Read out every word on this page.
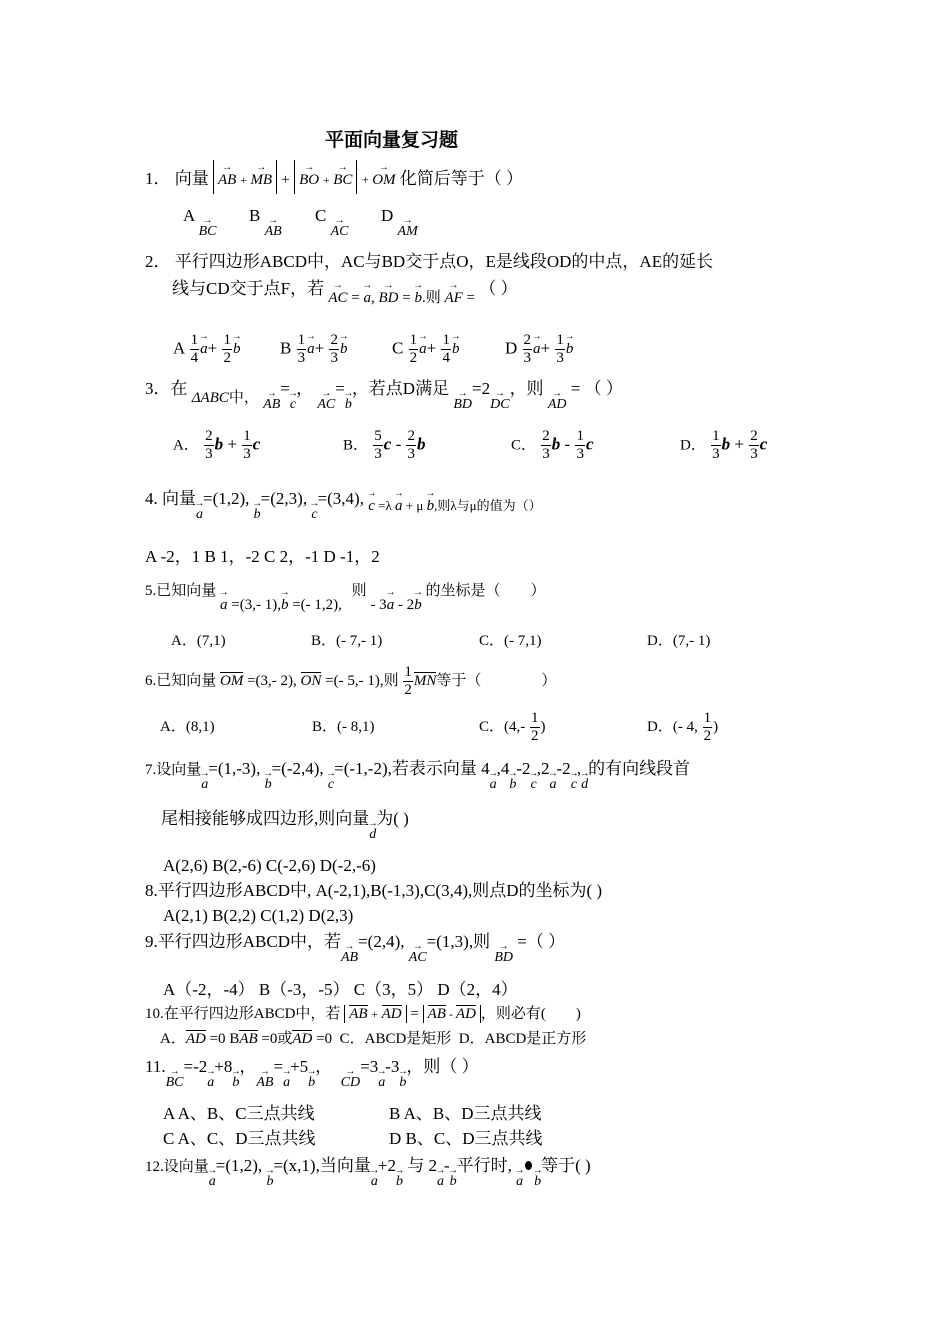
平面向量复习题
1． 向量 → AB + → MB + → BO + → BC + → OM 化简后等于（ ）
A → BCB → ABC → ACD → AM
2． 平行四边形ABCD中，AC与BD交于点O，E是线段OD的中点，AE的延长
线与CD交于点F，若 → AC = → a, → BD = → b.则 → AF = （ ）
A $\frac{1}{4}$
→ $a+ \frac{1}{2}$
→ b B $\frac{1}{3}$
→ $a+ \frac{2}{3}$
→ b	C $\frac{1}{2}$
→ $a+ \frac{1}{4}$
→ b	D $\frac{2}{3}$
→ $a+ \frac{1}{3}$
→ b
3．在 ΔABC中， → AB=→ c， → AC=→ b，若点D满足 → BD=2→ DC，则 → AD = （ ）
A． $\frac{2}{3}$ $b + \frac{1}{3}$ c	B． $\frac{5}{3}$ c - $\frac{2}{3}$ b	C． $\frac{2}{3}$ b - $\frac{1}{3}$ c	D． $\frac{1}{3}$ $b + \frac{2}{3}$ c
4. 向量→ a=(1,2), → b=(2,3), → c=(3,4), → $_{c =\lambda \to a + \mu \to b,则\lambda 与\mu 的值为()}$
A -2，1 B 1，-2 C 2，-1 D -1，2
5.已知向量 → a =(3,- 1),→ b =(- 1,2), 则 - 3→ a - 2→ b 的坐标是（　　）
A．(7,1)	B．(- 7,- 1)	C．(- 7,1)	D．(7,- 1)
6.已知向量 OM =(3,- 2), ON =(- 5,- 1),则 $\frac{1}{2}$ MN等于（　　　　）
A．(8,1)	B．(- 8,1)	C．($4,- \frac{1}{2}$ )	D．(- 4, $\frac{1}{2}$ )
7.设向量→ a=(1,-3), → b=(-2,4), → c=(-1,-2),若表示向量 4→ a,4→ b-2→ c,2→ a-2→ c,→ d的有向线段首
尾相接能够成四边形,则向量→ d为( )
A(2,6) B(2,-6) C(-2,6) D(-2,-6)
8.平行四边形ABCD中, A(-2,1),B(-1,3),C(3,4),则点D的坐标为( )
A(2,1) B(2,2) C(1,2) D(2,3)
9.平行四边形ABCD中，若→ AB=(2,4), → AC=(1,3),则 → BD =（ ）
A（-2，-4） B（-3，-5） C（3，5） D（2，4）
10.在平行四边形ABCD中，若 AB + AD = AB - AD ，则必有(　　)
A．AD =0 BAB =0或AD =0  C．ABCD是矩形 D．ABCD是正方形
11.→ BC=-2→ a+8→ b，→ AB=→ a+5→ b，  → CD=3→ a-3→ b，则（ ）
A A、B、C三点共线	B A、B、D三点共线
C A、C、D三点共线	D B、C、D三点共线
12.设向量→ a=(1,2), → b=(x,1),当向量→ a+2→ b 与 2→ a-→ b平行时, → a→ b等于( )
